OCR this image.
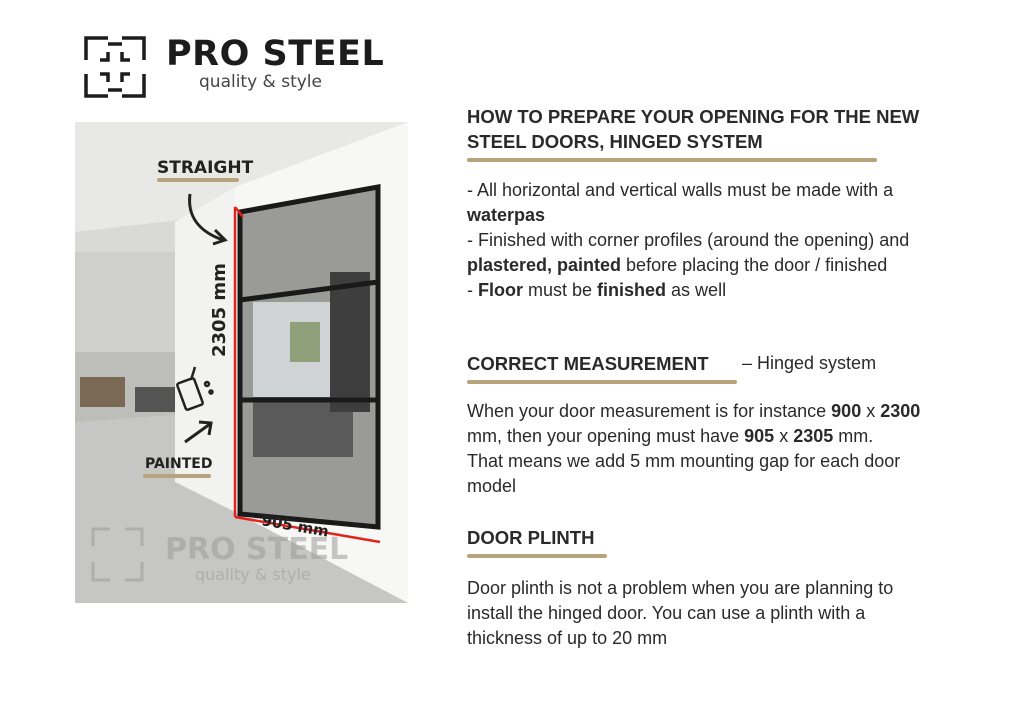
PRO STEEL
quality & style
STRAIGHT
PAINTED
2305 mm
905 mm
PRO STEEL
quality & style
HOW TO PREPARE YOUR OPENING FOR THE NEW
STEEL DOORS, HINGED SYSTEM
- All horizontal and vertical walls must be made with a
waterpas
- Finished with corner profiles (around the opening) and
plastered, painted before placing the door / finished
- Floor must be finished as well
CORRECT MEASUREMENT
– Hinged system
When your door measurement is for instance 900 x 2300
mm, then your opening must have 905 x 2305 mm.
That means we add 5 mm mounting gap for each door
model
DOOR PLINTH
Door plinth is not a problem when you are planning to
install the hinged door. You can use a plinth with a
thickness of up to 20 mm
